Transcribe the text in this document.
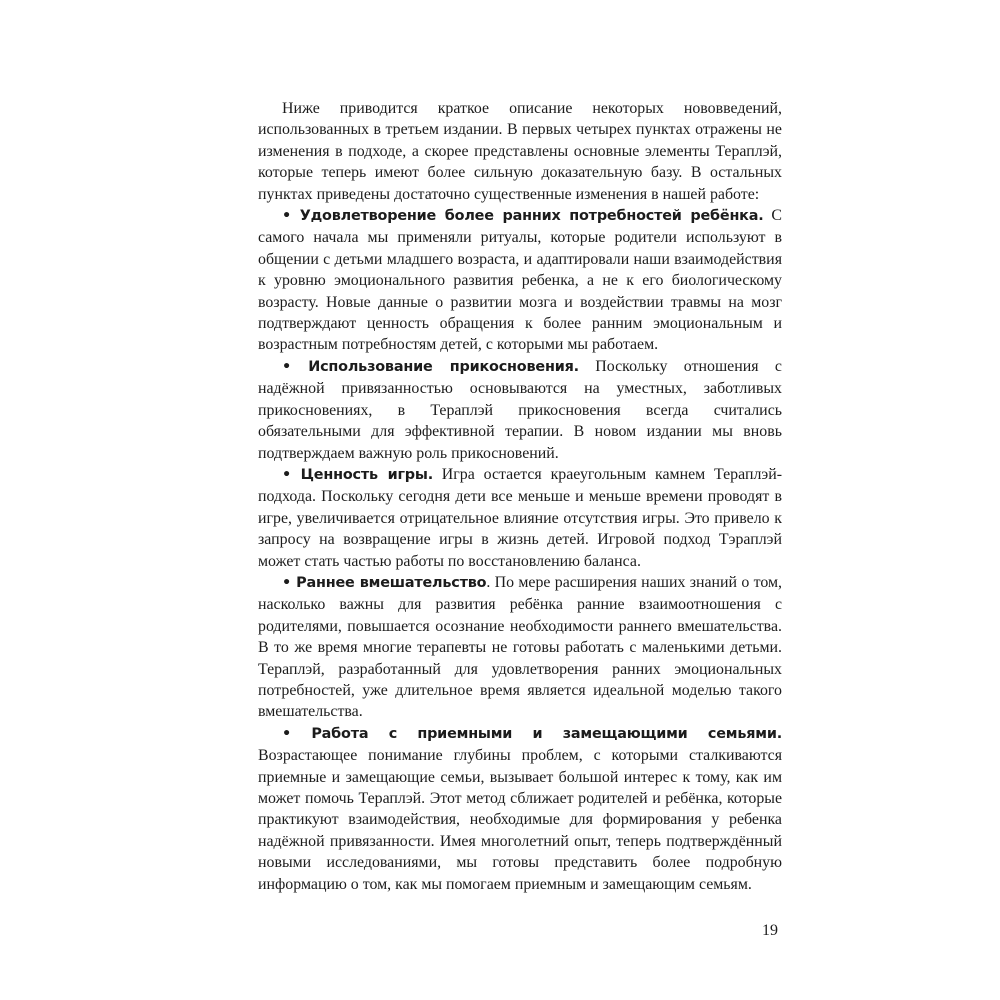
Ниже приводится краткое описание некоторых нововведений, использованных в третьем издании. В первых четырех пунктах отражены не изменения в подходе, а скорее представлены основные элементы Тераплэй, которые теперь имеют более сильную доказательную базу. В остальных пунктах приведены достаточно существенные изменения в нашей работе:

• Удовлетворение более ранних потребностей ребёнка. С самого начала мы применяли ритуалы, которые родители используют в общении с детьми младшего возраста, и адаптировали наши взаимодействия к уровню эмоционального развития ребенка, а не к его биологическому возрасту. Новые данные о развитии мозга и воздействии травмы на мозг подтверждают ценность обращения к более ранним эмоциональным и возрастным потребностям детей, с которыми мы работаем.

• Использование прикосновения. Поскольку отношения с надёжной привязанностью основываются на уместных, заботливых прикосновениях, в Тераплэй прикосновения всегда считались обязательными для эффективной терапии. В новом издании мы вновь подтверждаем важную роль прикосновений.

• Ценность игры. Игра остается краеугольным камнем Тераплэй-подхода. Поскольку сегодня дети все меньше и меньше времени проводят в игре, увеличивается отрицательное влияние отсутствия игры. Это привело к запросу на возвращение игры в жизнь детей. Игровой подход Тэраплэй может стать частью работы по восстановлению баланса.

• Раннее вмешательство. По мере расширения наших знаний о том, насколько важны для развития ребёнка ранние взаимоотношения с родителями, повышается осознание необходимости раннего вмешательства. В то же время многие терапевты не готовы работать с маленькими детьми. Тераплэй, разработанный для удовлетворения ранних эмоциональных потребностей, уже длительное время является идеальной моделью такого вмешательства.

• Работа с приемными и замещающими семьями. Возрастающее понимание глубины проблем, с которыми сталкиваются приемные и замещающие семьи, вызывает большой интерес к тому, как им может помочь Тераплэй. Этот метод сближает родителей и ребёнка, которые практикуют взаимодействия, необходимые для формирования у ребенка надёжной привязанности. Имея многолетний опыт, теперь подтверждённый новыми исследованиями, мы готовы представить более подробную информацию о том, как мы помогаем приемным и замещающим семьям.

19
